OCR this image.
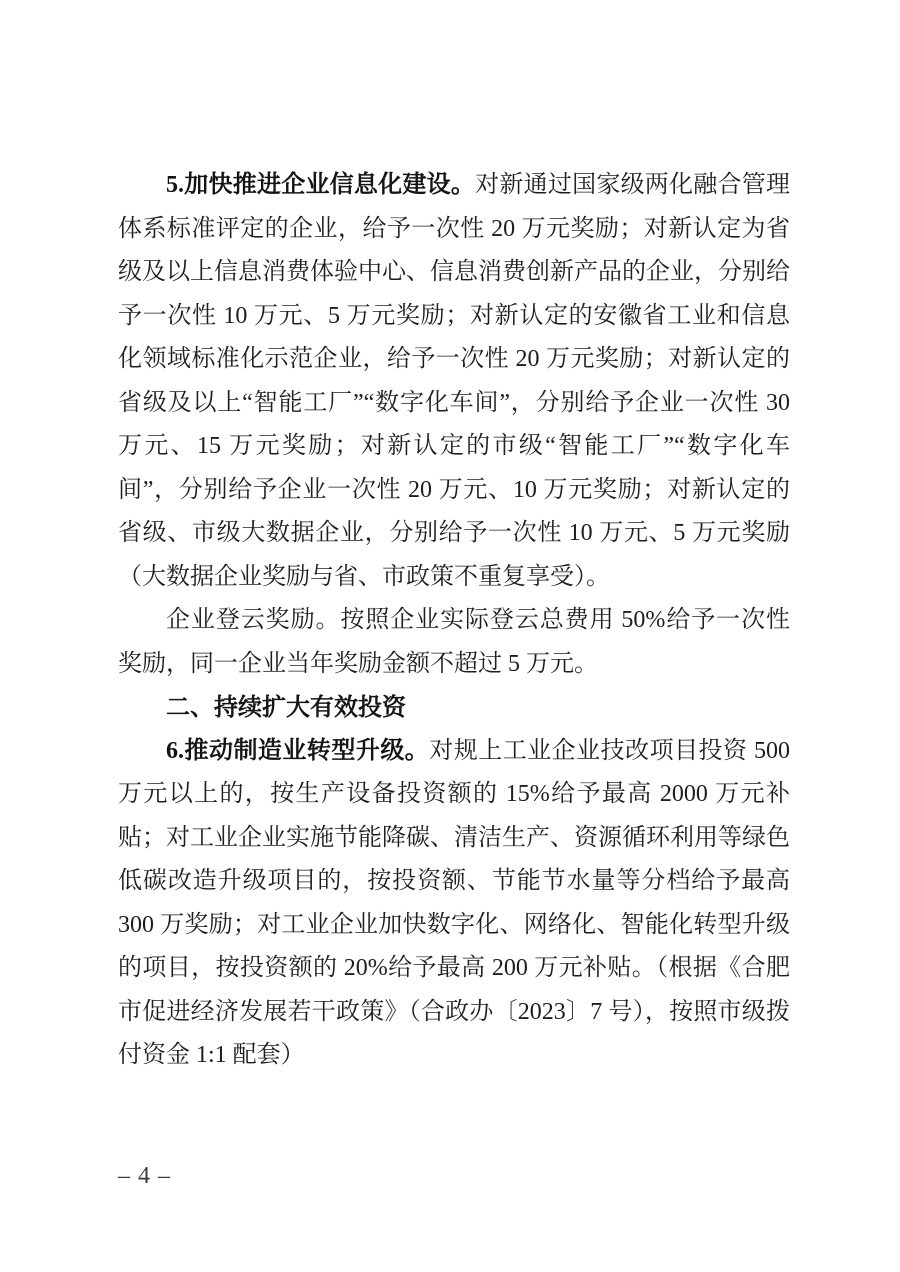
5.加快推进企业信息化建设。对新通过国家级两化融合管理体系标准评定的企业，给予一次性 20 万元奖励；对新认定为省级及以上信息消费体验中心、信息消费创新产品的企业，分别给予一次性 10 万元、5 万元奖励；对新认定的安徽省工业和信息化领域标准化示范企业，给予一次性 20 万元奖励；对新认定的省级及以上“智能工厂”“数字化车间”，分别给予企业一次性 30 万元、15 万元奖励；对新认定的市级“智能工厂”“数字化车间”，分别给予企业一次性 20 万元、10 万元奖励；对新认定的省级、市级大数据企业，分别给予一次性 10 万元、5 万元奖励（大数据企业奖励与省、市政策不重复享受）。

企业登云奖励。按照企业实际登云总费用 50%给予一次性奖励，同一企业当年奖励金额不超过 5 万元。

二、持续扩大有效投资

6.推动制造业转型升级。对规上工业企业技改项目投资 500 万元以上的，按生产设备投资额的 15%给予最高 2000 万元补贴；对工业企业实施节能降碳、清洁生产、资源循环利用等绿色低碳改造升级项目的，按投资额、节能节水量等分档给予最高 300 万奖励；对工业企业加快数字化、网络化、智能化转型升级的项目，按投资额的 20%给予最高 200 万元补贴。（根据《合肥市促进经济发展若干政策》（合政办〔2023〕7 号），按照市级拨付资金 1:1 配套）

– 4 –
